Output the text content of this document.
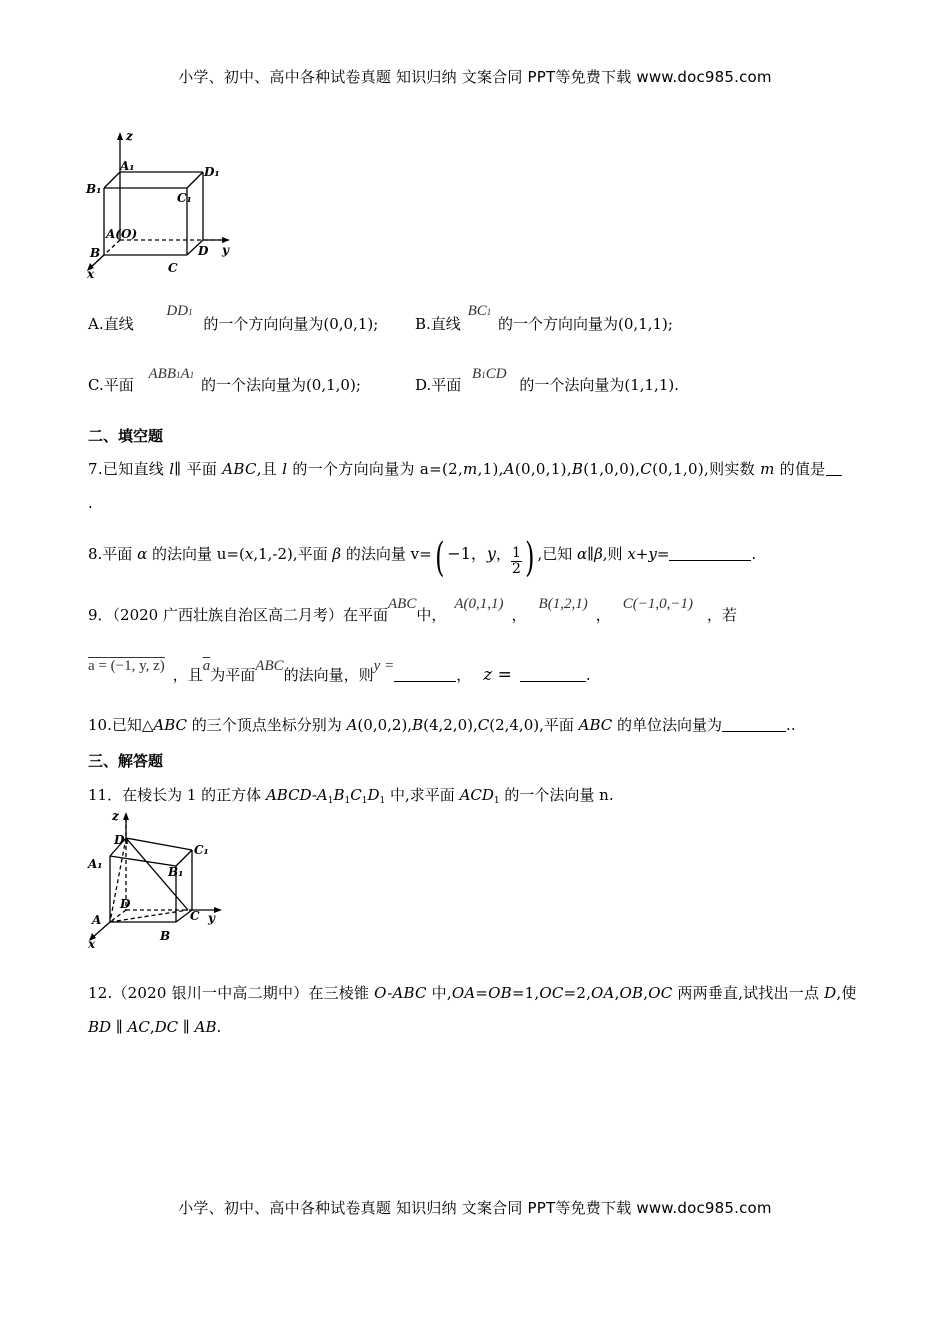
小学、初中、高中各种试卷真题 知识归纳 文案合同 PPT等免费下载 www.doc985.com
z
A₁	D₁
B₁
C₁
A(O)
B	D y
C
x
A.直线 DD1 的一个方向向量为(0,0,1); B.直线 BC1 的一个方向向量为(0,1,1);
C.平面 ABB1A1 的一个法向量为(0,1,0);	D.平面 B1CD 的一个法向量为(1,1,1).
二、填空题
7.已知直线 l∥ 平面 ABC,且 l 的一个方向向量为 a=(2,m,1),A(0,0,1),B(1,0,0),C(0,1,0),则实数 m 的值是
.
8.平面 α 的法向量 u=(x,1,-2),平面 β 的法向量 v=( −1，y， $\frac{1}{2}$ ) ,已知 α∥β,则 x+y=	.
9．（2020 广西壮族自治区高二月考）在平面ABC中，A(0,1,1)，B(1,2,1)，C(−1,0,−1)，若
a = (−1, y, z) ，且$\overline{a}$为平面ABC的法向量，则y =	， z =	.
10.已知△ABC 的三个顶点坐标分别为 A(0,0,2),B(4,2,0),C(2,4,0),平面 ABC 的单位法向量为	..
三、解答题
11．在棱长为 1 的正方体 ABCD-$A_1B_1C_1D_1$ 中,求平面 $ACD_1$ 的一个法向量 n.
z
D₁
C₁
A₁
B₁
D
A	C y
B
x
12.（2020 银川一中高二期中）在三棱锥 O-ABC 中,OA=OB=1,OC=2,OA,OB,OC 两两垂直,试找出一点 D,使
BD ∥ AC,DC ∥ AB.
小学、初中、高中各种试卷真题 知识归纳 文案合同 PPT等免费下载 www.doc985.com
